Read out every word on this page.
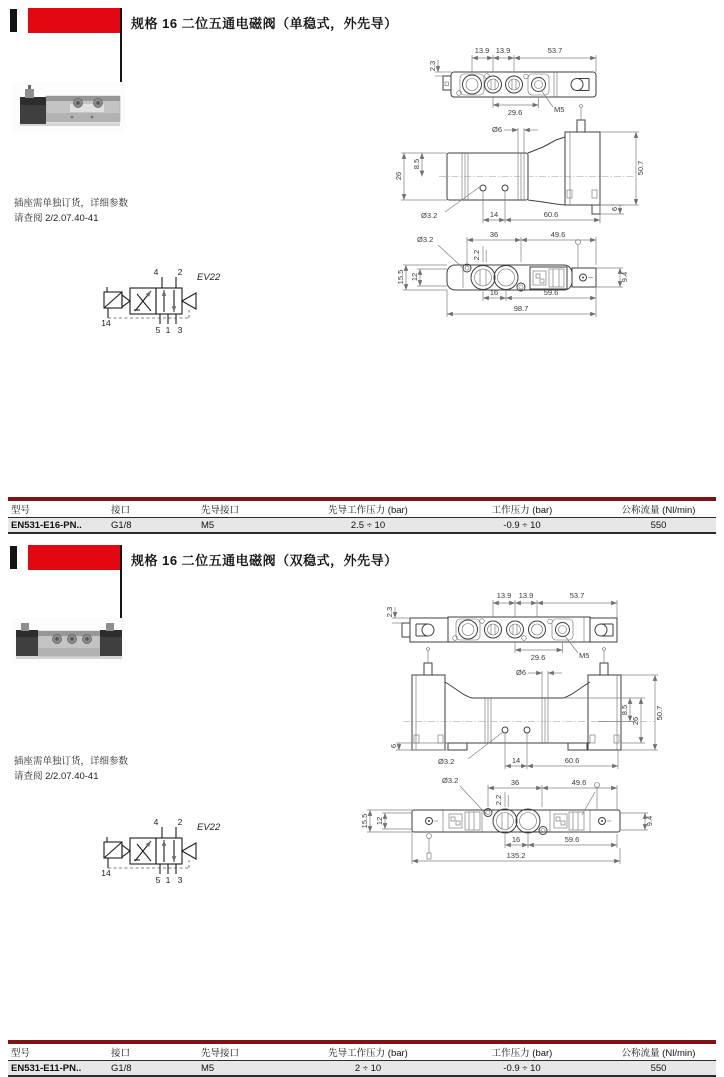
规格 16 二位五通电磁阀（单稳式，外先导）
插座需单独订货，详细参数
请查阅 2/2.07.40-41
4 2
5 1 3
14
EV22
13.9 13.9	53.7
2.3
29.6	M5
Ø6
50.7
26
8.5
Ø3.2	14	60.6
6
Ø3.2
36	49.6
2.2
15.5 12
16	59.6
98.7
9.4
型号	接口	先导接口	先导工作压力 (bar)	工作压力 (bar)	公称流量 (Nl/min)
EN531-E16-PN..	G1/8	M5	2.5 ÷ 10	-0.9 ÷ 10	550
规格 16 二位五通电磁阀（双稳式，外先导）
插座需单独订货，详细参数
请查阅 2/2.07.40-41
4 2
5 1 3
14
EV22
13.9 13.9	53.7
2.3
29.6	M5
Ø6
8.5
26
50.7
6
Ø3.2	14	60.6
Ø3.2	36	49.6
2.2
15.5 12
16	59.6
135.2
9.4
型号	接口	先导接口	先导工作压力 (bar)	工作压力 (bar)	公称流量 (Nl/min)
EN531-E11-PN..	G1/8	M5	2 ÷ 10	-0.9 ÷ 10	550
